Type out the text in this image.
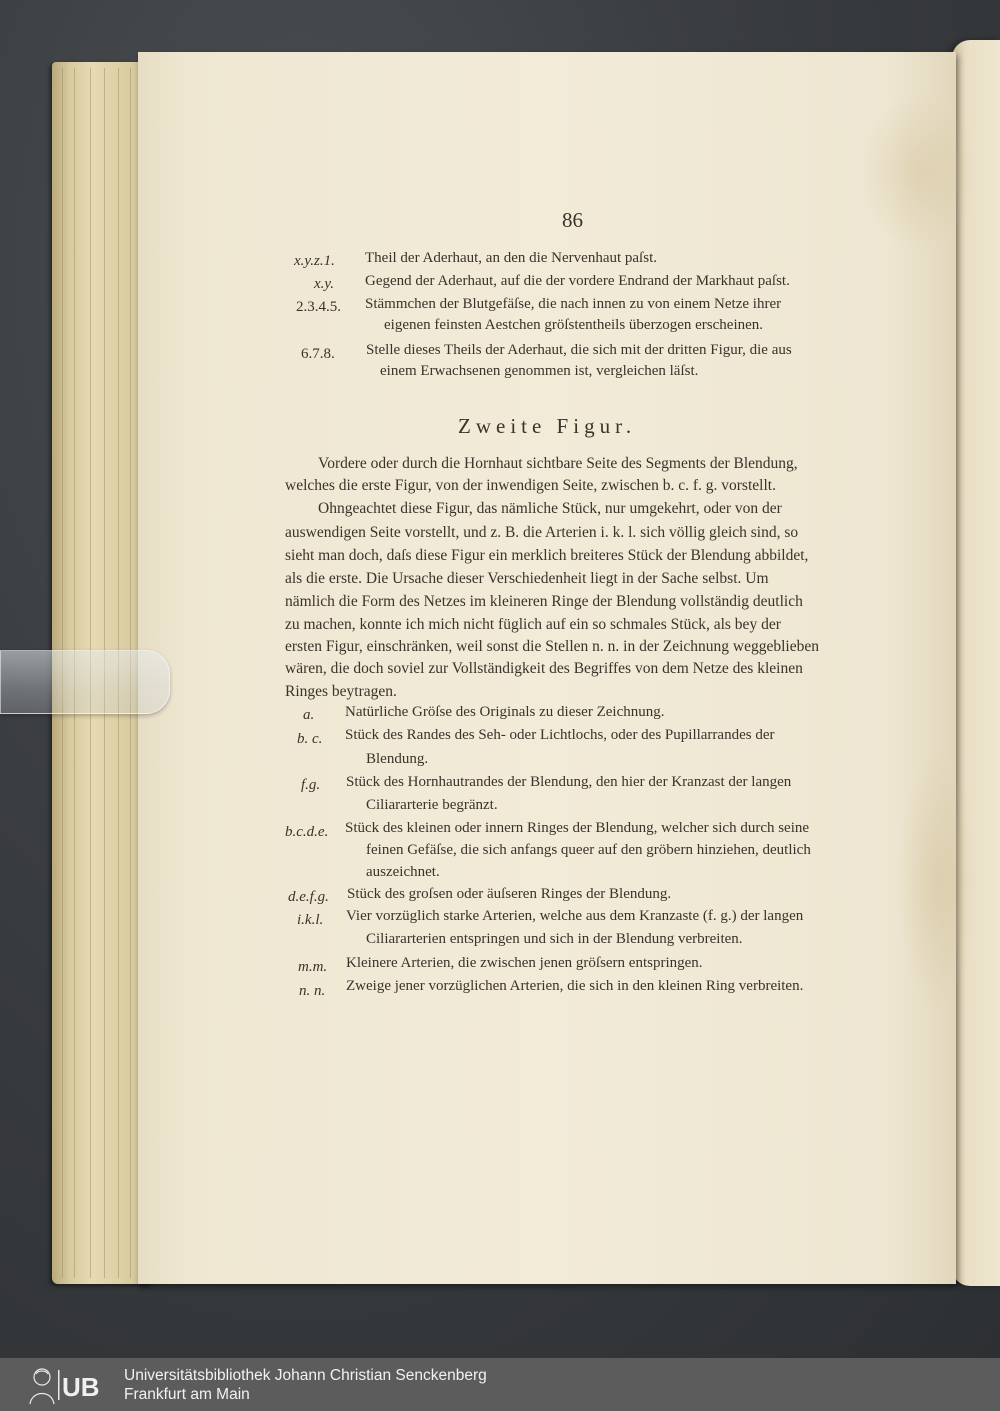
86
x.y.z.1. Theil der Aderhaut, an den die Nervenhaut paſst.
x.y. Gegend der Aderhaut, auf die der vordere Endrand der Markhaut paſst.
2.3.4.5. Stämmchen der Blutgefäſse, die nach innen zu von einem Netze ihrer
eigenen feinsten Aestchen gröſstentheils überzogen erscheinen.
6.7.8. Stelle dieses Theils der Aderhaut, die sich mit der dritten Figur, die aus
einem Erwachsenen genommen ist, vergleichen läſst.
Zweite Figur.
Vordere oder durch die Hornhaut sichtbare Seite des Segments der Blendung,
welches die erste Figur, von der inwendigen Seite, zwischen b. c. f. g. vorstellt.
Ohngeachtet diese Figur, das nämliche Stück, nur umgekehrt, oder von der
auswendigen Seite vorstellt, und z. B. die Arterien i. k. l. sich völlig gleich sind, so
sieht man doch, daſs diese Figur ein merklich breiteres Stück der Blendung abbildet,
als die erste. Die Ursache dieser Verschiedenheit liegt in der Sache selbst. Um
nämlich die Form des Netzes im kleineren Ringe der Blendung vollständig deutlich
zu machen, konnte ich mich nicht füglich auf ein so schmales Stück, als bey der
ersten Figur, einschränken, weil sonst die Stellen n. n. in der Zeichnung weggeblieben
wären, die doch soviel zur Vollständigkeit des Begriffes von dem Netze des kleinen
Ringes beytragen.
a. Natürliche Gröſse des Originals zu dieser Zeichnung.
b. c. Stück des Randes des Seh- oder Lichtlochs, oder des Pupillarrandes der
Blendung.
f.g. Stück des Hornhautrandes der Blendung, den hier der Kranzast der langen
Ciliararterie begränzt.
b.c.d.e. Stück des kleinen oder innern Ringes der Blendung, welcher sich durch seine
feinen Gefäſse, die sich anfangs queer auf den gröbern hinziehen, deutlich
auszeichnet.
d.e.f.g. Stück des groſsen oder äuſseren Ringes der Blendung.
i.k.l. Vier vorzüglich starke Arterien, welche aus dem Kranzaste (f. g.) der langen
Ciliararterien entspringen und sich in der Blendung verbreiten.
m.m. Kleinere Arterien, die zwischen jenen gröſsern entspringen.
n. n. Zweige jener vorzüglichen Arterien, die sich in den kleinen Ring verbreiten.
UB Universitätsbibliothek Johann Christian Senckenberg
Frankfurt am Main
